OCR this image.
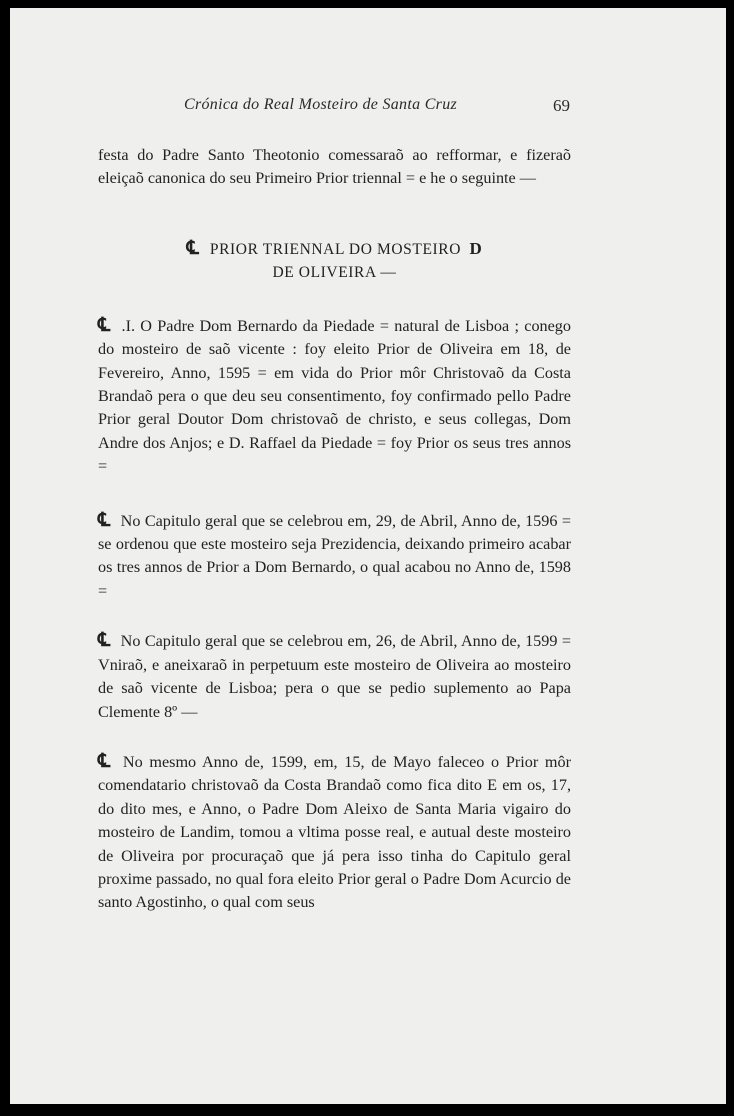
Crónica do Real Mosteiro de Santa Cruz	69

festa do Padre Santo Theotonio comessaraõ ao refformar, e fizeraõ eleiçaõ canonica do seu Primeiro Prior triennal = e he o seguinte —

℄ PRIOR TRIENNAL DO MOSTEIRO D
DE OLIVEIRA —

℄ .I. O Padre Dom Bernardo da Piedade = natural de Lisboa ; conego do mosteiro de saõ vicente : foy eleito Prior de Oliveira em 18, de Fevereiro, Anno, 1595 = em vida do Prior môr Christovaõ da Costa Brandaõ pera o que deu seu consentimento, foy confirmado pello Padre Prior geral Doutor Dom christovaõ de christo, e seus collegas, Dom Andre dos Anjos; e D. Raffael da Piedade = foy Prior os seus tres annos =

℄ No Capitulo geral que se celebrou em, 29, de Abril, Anno de, 1596 = se ordenou que este mosteiro seja Prezidencia, deixando primeiro acabar os tres annos de Prior a Dom Bernardo, o qual acabou no Anno de, 1598 =

℄ No Capitulo geral que se celebrou em, 26, de Abril, Anno de, 1599 = Vniraõ, e aneixaraõ in perpetuum este mosteiro de Oliveira ao mosteiro de saõ vicente de Lisboa; pera o que se pedio suplemento ao Papa Clemente 8º —

℄ No mesmo Anno de, 1599, em, 15, de Mayo faleceo o Prior môr comendatario christovaõ da Costa Brandaõ como fica dito E em os, 17, do dito mes, e Anno, o Padre Dom Aleixo de Santa Maria vigairo do mosteiro de Landim, tomou a vltima posse real, e autual deste mosteiro de Oliveira por procuraçaõ que já pera isso tinha do Capitulo geral proxime passado, no qual fora eleito Prior geral o Padre Dom Acurcio de santo Agostinho, o qual com seus
